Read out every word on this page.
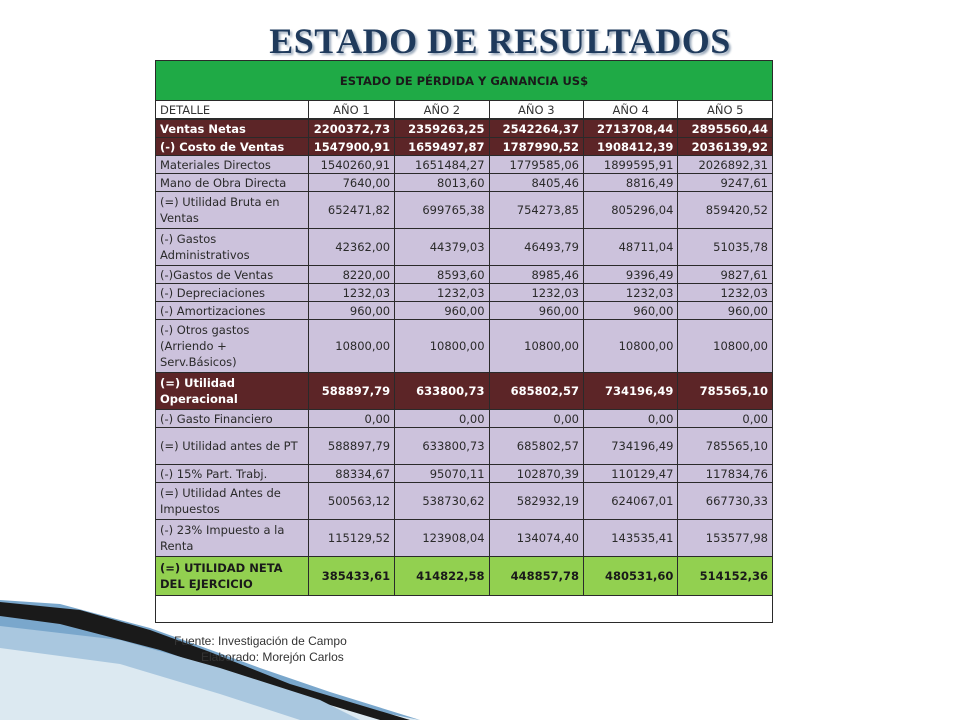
ESTADO DE RESULTADOS
ESTADO DE PÉRDIDA Y GANANCIA US$					
DETALLE	AÑO 1	AÑO 2	AÑO 3	AÑO 4	AÑO 5
Ventas Netas	2200372,73	2359263,25	2542264,37	2713708,44	2895560,44
(-) Costo de Ventas	1547900,91	1659497,87	1787990,52	1908412,39	2036139,92
Materiales Directos	1540260,91	1651484,27	1779585,06	1899595,91	2026892,31
Mano de Obra Directa	7640,00	8013,60	8405,46	8816,49	9247,61
(=) Utilidad Bruta en Ventas	652471,82	699765,38	754273,85	805296,04	859420,52
(-) Gastos Administrativos	42362,00	44379,03	46493,79	48711,04	51035,78
(-)Gastos de Ventas	8220,00	8593,60	8985,46	9396,49	9827,61
(-) Depreciaciones	1232,03	1232,03	1232,03	1232,03	1232,03
(-) Amortizaciones	960,00	960,00	960,00	960,00	960,00
(-) Otros gastos (Arriendo + Serv.Básicos)	10800,00	10800,00	10800,00	10800,00	10800,00
(=) Utilidad Operacional	588897,79	633800,73	685802,57	734196,49	785565,10
(-) Gasto Financiero	0,00	0,00	0,00	0,00	0,00
(=) Utilidad antes de PT	588897,79	633800,73	685802,57	734196,49	785565,10
(-) 15% Part. Trabj.	88334,67	95070,11	102870,39	110129,47	117834,76
(=) Utilidad Antes de Impuestos	500563,12	538730,62	582932,19	624067,01	667730,33
(-) 23% Impuesto a la Renta	115129,52	123908,04	134074,40	143535,41	153577,98
(=) UTILIDAD NETA DEL EJERCICIO	385433,61	414822,58	448857,78	480531,60	514152,36

Fuente: Investigación de Campo
Elaborado: Morejón Carlos
